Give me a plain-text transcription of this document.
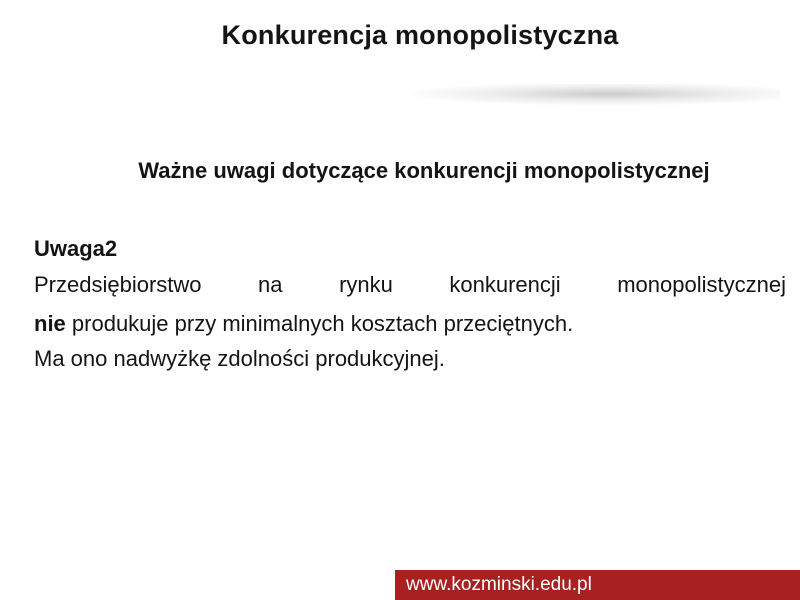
Konkurencja monopolistyczna
Ważne uwagi dotyczące konkurencji monopolistycznej
Uwaga2
Przedsiębiorstwo	na	rynku	konkurencji	monopolistycznej
nie produkuje przy minimalnych kosztach przeciętnych.
Ma ono nadwyżkę zdolności produkcyjnej.
www.kozminski.edu.pl
